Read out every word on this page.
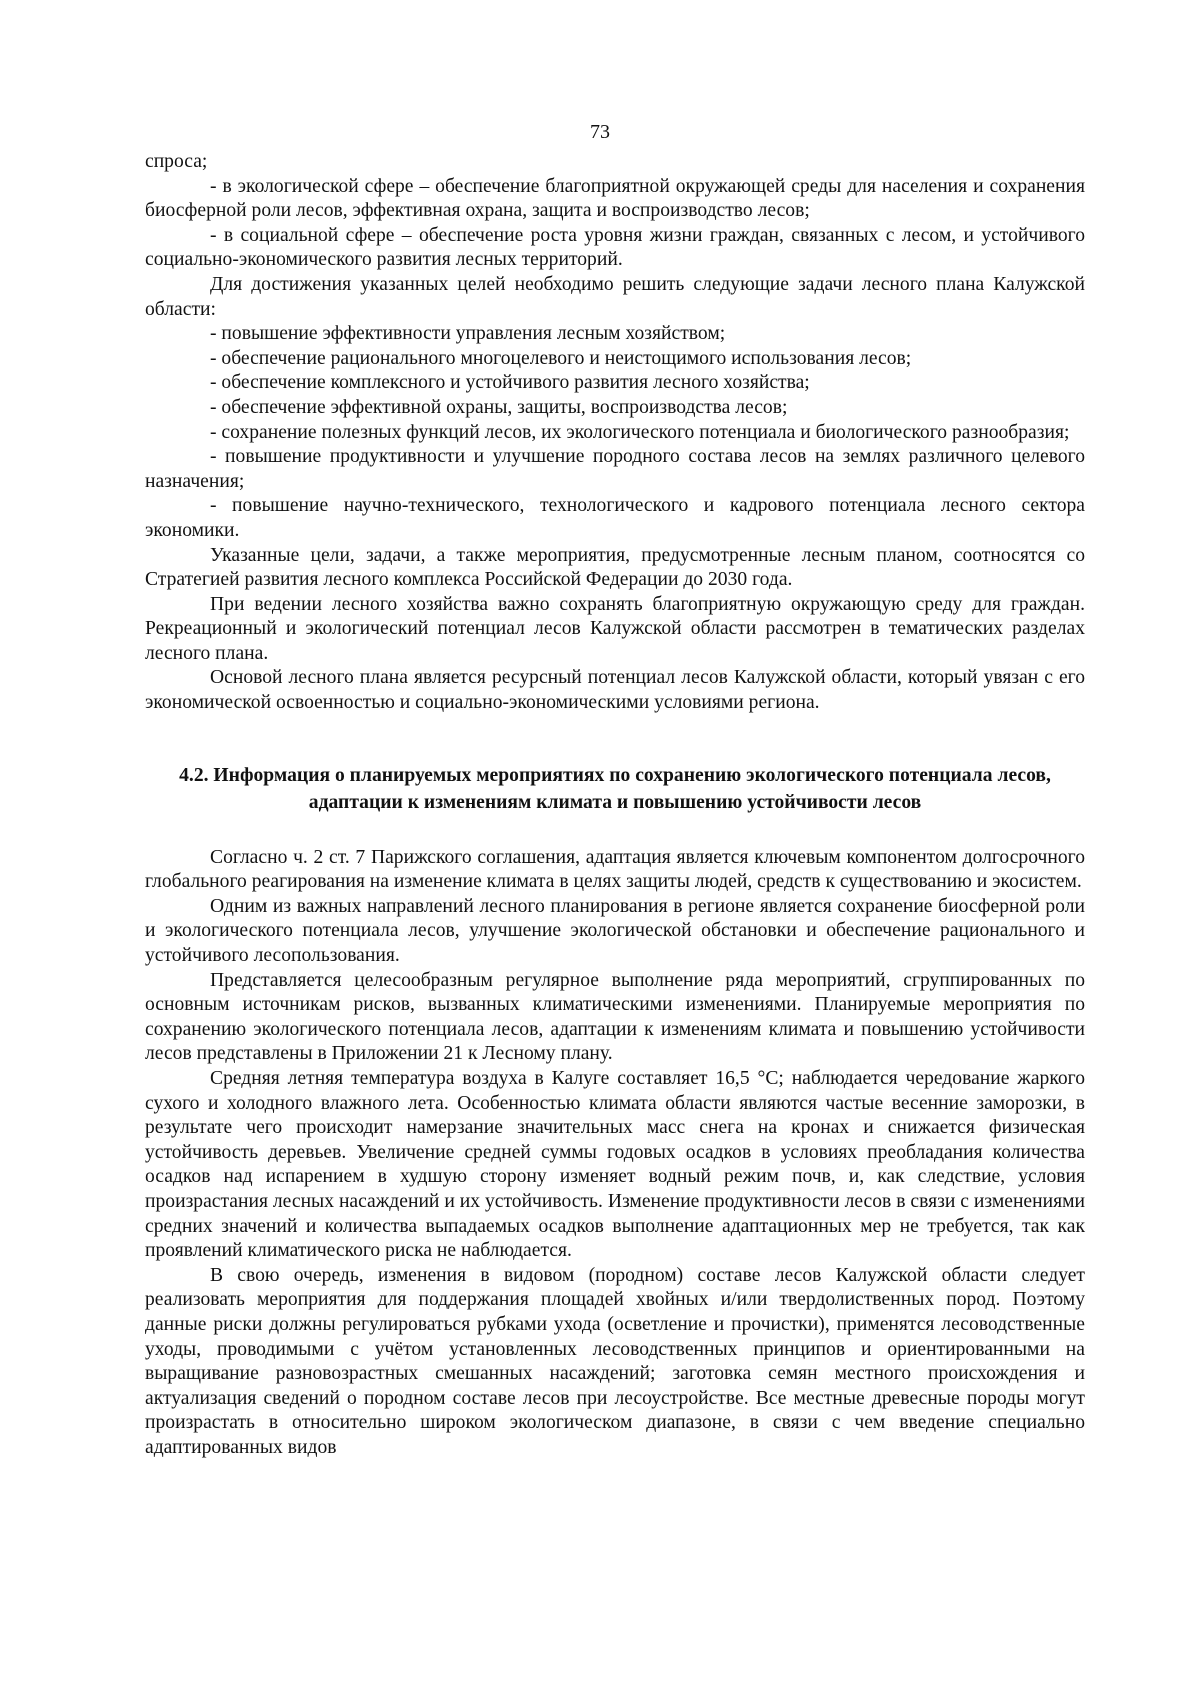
73

спроса;

- в экологической сфере – обеспечение благоприятной окружающей среды для населения и сохранения биосферной роли лесов, эффективная охрана, защита и воспроизводство лесов;

- в социальной сфере – обеспечение роста уровня жизни граждан, связанных с лесом, и устойчивого социально-экономического развития лесных территорий.

Для достижения указанных целей необходимо решить следующие задачи лесного плана Калужской области:

- повышение эффективности управления лесным хозяйством;

- обеспечение рационального многоцелевого и неистощимого использования лесов;

- обеспечение комплексного и устойчивого развития лесного хозяйства;

- обеспечение эффективной охраны, защиты, воспроизводства лесов;

- сохранение полезных функций лесов, их экологического потенциала и биологического разнообразия;

- повышение продуктивности и улучшение породного состава лесов на землях различного целевого назначения;

- повышение научно-технического, технологического и кадрового потенциала лесного сектора экономики.

Указанные цели, задачи, а также мероприятия, предусмотренные лесным планом, соотносятся со Стратегией развития лесного комплекса Российской Федерации до 2030 года.

При ведении лесного хозяйства важно сохранять благоприятную окружающую среду для граждан. Рекреационный и экологический потенциал лесов Калужской области рассмотрен в тематических разделах лесного плана.

Основой лесного плана является ресурсный потенциал лесов Калужской области, который увязан с его экономической освоенностью и социально-экономическими условиями региона.

4.2. Информация о планируемых мероприятиях по сохранению экологического потенциала лесов, адаптации к изменениям климата и повышению устойчивости лесов

Согласно ч. 2 ст. 7 Парижского соглашения, адаптация является ключевым компонентом долгосрочного глобального реагирования на изменение климата в целях защиты людей, средств к существованию и экосистем.

Одним из важных направлений лесного планирования в регионе является сохранение биосферной роли и экологического потенциала лесов, улучшение экологической обстановки и обеспечение рационального и устойчивого лесопользования.

Представляется целесообразным регулярное выполнение ряда мероприятий, сгруппированных по основным источникам рисков, вызванных климатическими изменениями. Планируемые мероприятия по сохранению экологического потенциала лесов, адаптации к изменениям климата и повышению устойчивости лесов представлены в Приложении 21 к Лесному плану.

Средняя летняя температура воздуха в Калуге составляет 16,5 °С; наблюдается чередование жаркого сухого и холодного влажного лета. Особенностью климата области являются частые весенние заморозки, в результате чего происходит намерзание значительных масс снега на кронах и снижается физическая устойчивость деревьев. Увеличение средней суммы годовых осадков в условиях преобладания количества осадков над испарением в худшую сторону изменяет водный режим почв, и, как следствие, условия произрастания лесных насаждений и их устойчивость. Изменение продуктивности лесов в связи с изменениями средних значений и количества выпадаемых осадков выполнение адаптационных мер не требуется, так как проявлений климатического риска не наблюдается.

В свою очередь, изменения в видовом (породном) составе лесов Калужской области следует реализовать мероприятия для поддержания площадей хвойных и/или твердолиственных пород. Поэтому данные риски должны регулироваться рубками ухода (осветление и прочистки), применятся лесоводственные уходы, проводимыми с учётом установленных лесоводственных принципов и ориентированными на выращивание разновозрастных смешанных насаждений; заготовка семян местного происхождения и актуализация сведений о породном составе лесов при лесоустройстве. Все местные древесные породы могут произрастать в относительно широком экологическом диапазоне, в связи с чем введение специально адаптированных видов
